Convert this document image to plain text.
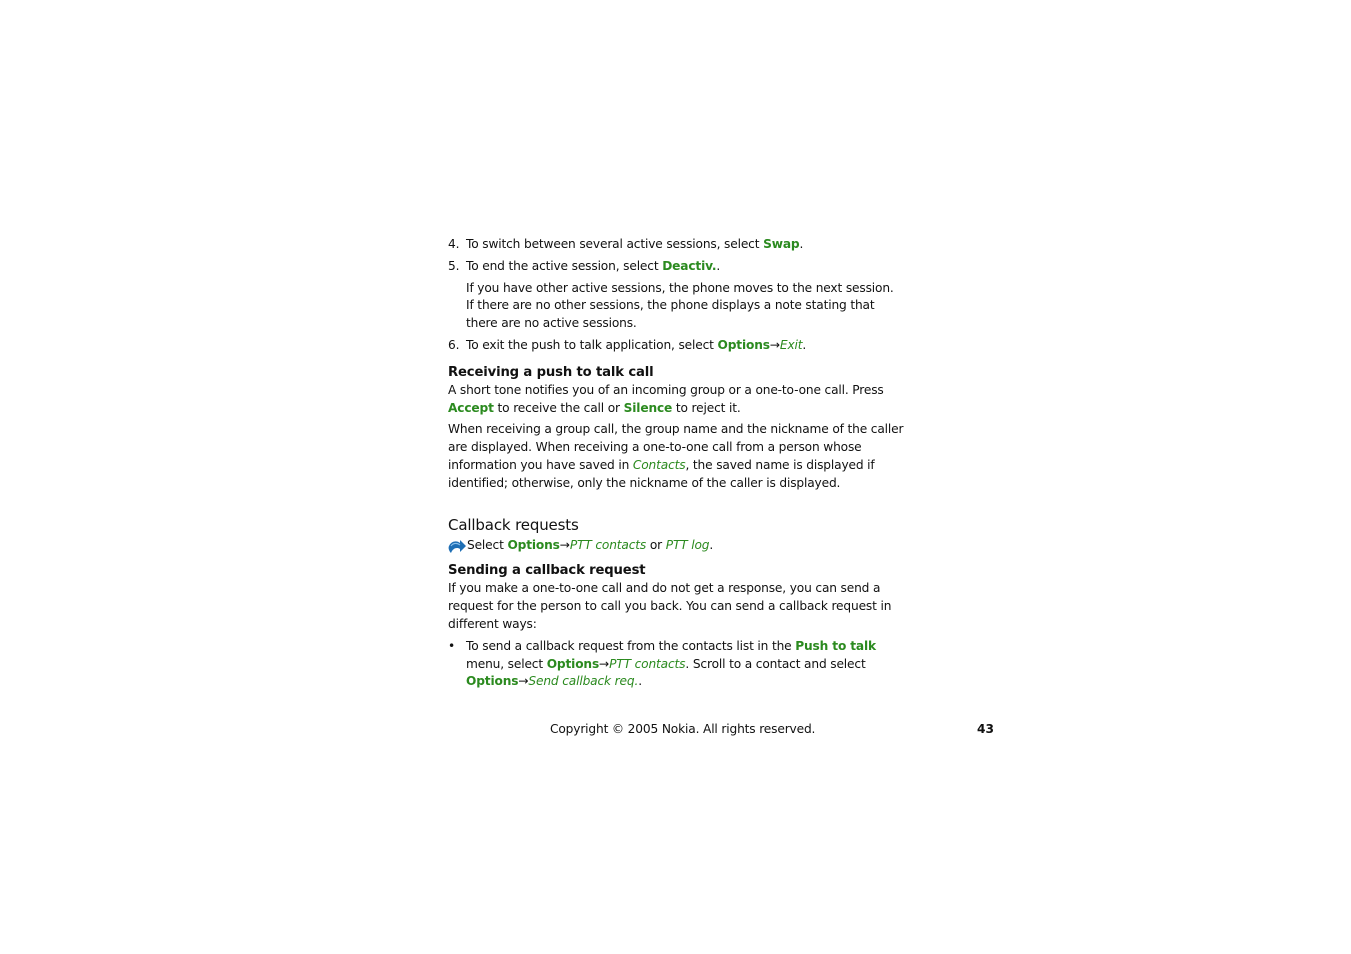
4. To switch between several active sessions, select Swap.
5. To end the active session, select Deactiv..
If you have other active sessions, the phone moves to the next session.
If there are no other sessions, the phone displays a note stating that there are no active sessions.
6. To exit the push to talk application, select Options→Exit.
Receiving a push to talk call
A short tone notifies you of an incoming group or a one-to-one call. Press Accept to receive the call or Silence to reject it.
When receiving a group call, the group name and the nickname of the caller are displayed. When receiving a one-to-one call from a person whose information you have saved in Contacts, the saved name is displayed if identified; otherwise, only the nickname of the caller is displayed.
Callback requests
Select Options→PTT contacts or PTT log.
Sending a callback request
If you make a one-to-one call and do not get a response, you can send a request for the person to call you back. You can send a callback request in different ways:
• To send a callback request from the contacts list in the Push to talk menu, select Options→PTT contacts. Scroll to a contact and select Options→Send callback req..
Copyright © 2005 Nokia. All rights reserved.	43
